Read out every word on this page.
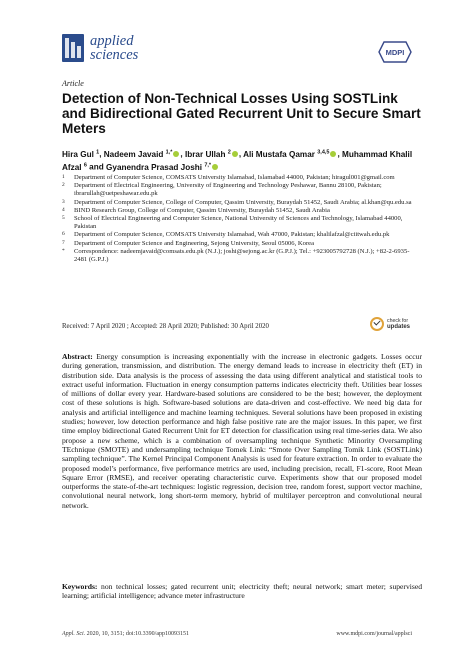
applied
sciences	MDPI
Article
Detection of Non-Technical Losses Using SOSTLink and Bidirectional Gated Recurrent Unit to Secure Smart Meters
Hira Gul $^1$, Nadeem Javaid $^{1,*}$ , Ibrar Ullah $^2$ , Ali Mustafa Qamar $^{3,4,5}$ , Muhammad Khalil Afzal $^6$ and Gyanendra Prasad Joshi $^{7,*}$
1	Department of Computer Science, COMSATS University Islamabad, Islamabad 44000, Pakistan; hiragul001@gmail.com
2	Department of Electrical Engineering, University of Engineering and Technology Peshawar, Bannu 28100, Pakistan; ibrarullah@uetpeshawar.edu.pk
3	Department of Computer Science, College of Computer, Qassim University, Buraydah 51452, Saudi Arabia; al.khan@qu.edu.sa
4	BIND Research Group, College of Computer, Qassim University, Buraydah 51452, Saudi Arabia
5	School of Electrical Engineering and Computer Science, National University of Sciences and Technology, Islamabad 44000, Pakistan
6	Department of Computer Science, COMSATS University Islamabad, Wah 47000, Pakistan; khalilafzal@ciitwah.edu.pk
7	Department of Computer Science and Engineering, Sejong University, Seoul 05006, Korea
*	Correspondence: nadeemjavaid@comsats.edu.pk (N.J.); joshi@sejong.ac.kr (G.P.J.); Tel.: +923005792728 (N.J.); +82-2-6935-2481 (G.P.J.)
Received: 7 April 2020 ; Accepted: 28 April 2020; Published: 30 April 2020
check for
updates

Abstract: Energy consumption is increasing exponentially with the increase in electronic gadgets. Losses occur during generation, transmission, and distribution. The energy demand leads to increase in electricity theft (ET) in distribution side. Data analysis is the process of assessing the data using different analytical and statistical tools to extract useful information. Fluctuation in energy consumption patterns indicates electricity theft. Utilities bear losses of millions of dollar every year. Hardware-based solutions are considered to be the best; however, the deployment cost of these solutions is high. Software-based solutions are data-driven and cost-effective. We need big data for analysis and artificial intelligence and machine learning techniques. Several solutions have been proposed in existing studies; however, low detection performance and high false positive rate are the major issues. In this paper, we first time employ bidirectional Gated Recurrent Unit for ET detection for classification using real time-series data. We also propose a new scheme, which is a combination of oversampling technique Synthetic Minority Oversampling TEchnique (SMOTE) and undersampling technique Tomek Link: “Smote Over Sampling Tomik Link (SOSTLink) sampling technique”. The Kernel Principal Component Analysis is used for feature extraction. In order to evaluate the proposed model’s performance, five performance metrics are used, including precision, recall, F1-score, Root Mean Square Error (RMSE), and receiver operating characteristic curve. Experiments show that our proposed model outperforms the state-of-the-art techniques: logistic regression, decision tree, random forest, support vector machine, convolutional neural network, long short-term memory, hybrid of multilayer perceptron and convolutional neural network.

Keywords: non technical losses; gated recurrent unit; electricity theft; neural network; smart meter; supervised learning; artificial intelligence; advance meter infrastructure

Appl. Sci. 2020, 10, 3151; doi:10.3390/app10093151	www.mdpi.com/journal/applsci
